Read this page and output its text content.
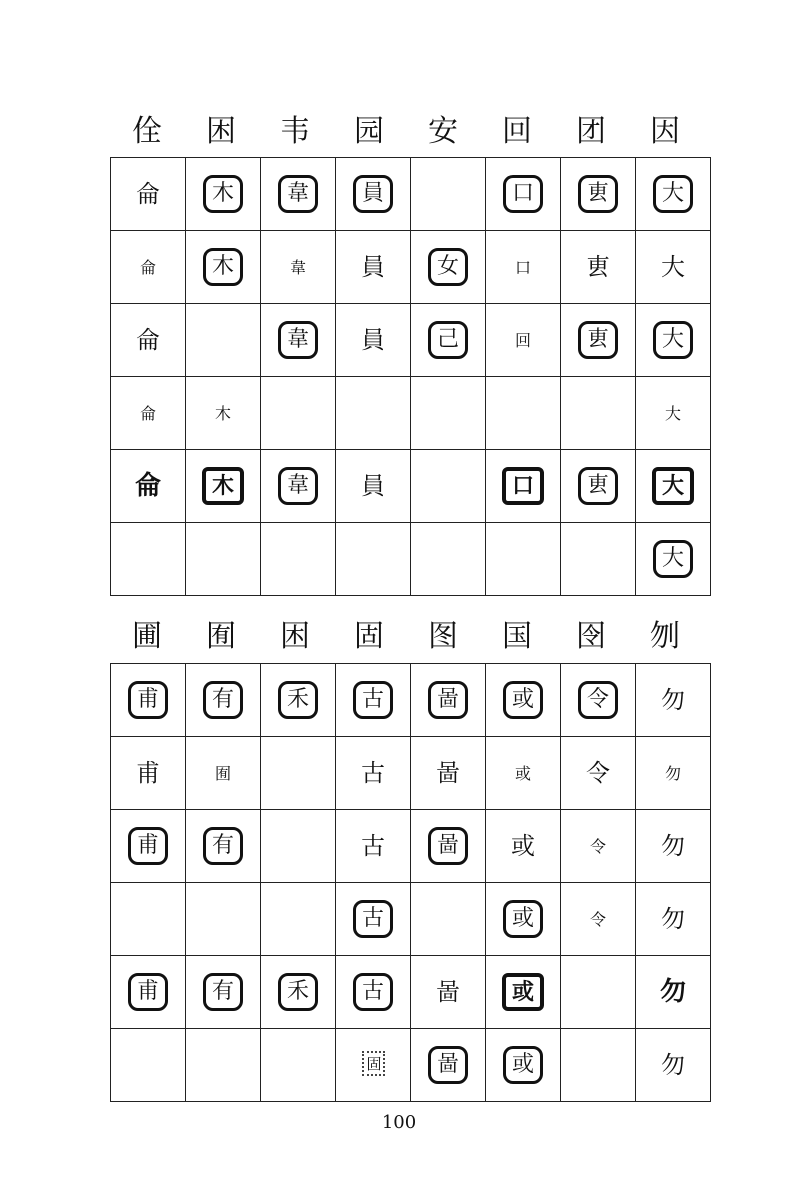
佺	困	韦	园	安	回	团	因
侖	木	韋	員		口	叀	大
侖	木	韋	員	女	口	叀	大
侖		韋	員	己	回	叀	大
侖	木						大
侖	木	韋	員		口	叀	大
							大
圃	囿	困	固	图	国	囹	刎
甫	有	禾	古	啚	或	令	勿
甫	囿		古	啚	或	令	勿
甫	有		古	啚	或	令	勿
			古		或	令	勿
甫	有	禾	古	啚	或		勿
			固	啚	或		勿
100
